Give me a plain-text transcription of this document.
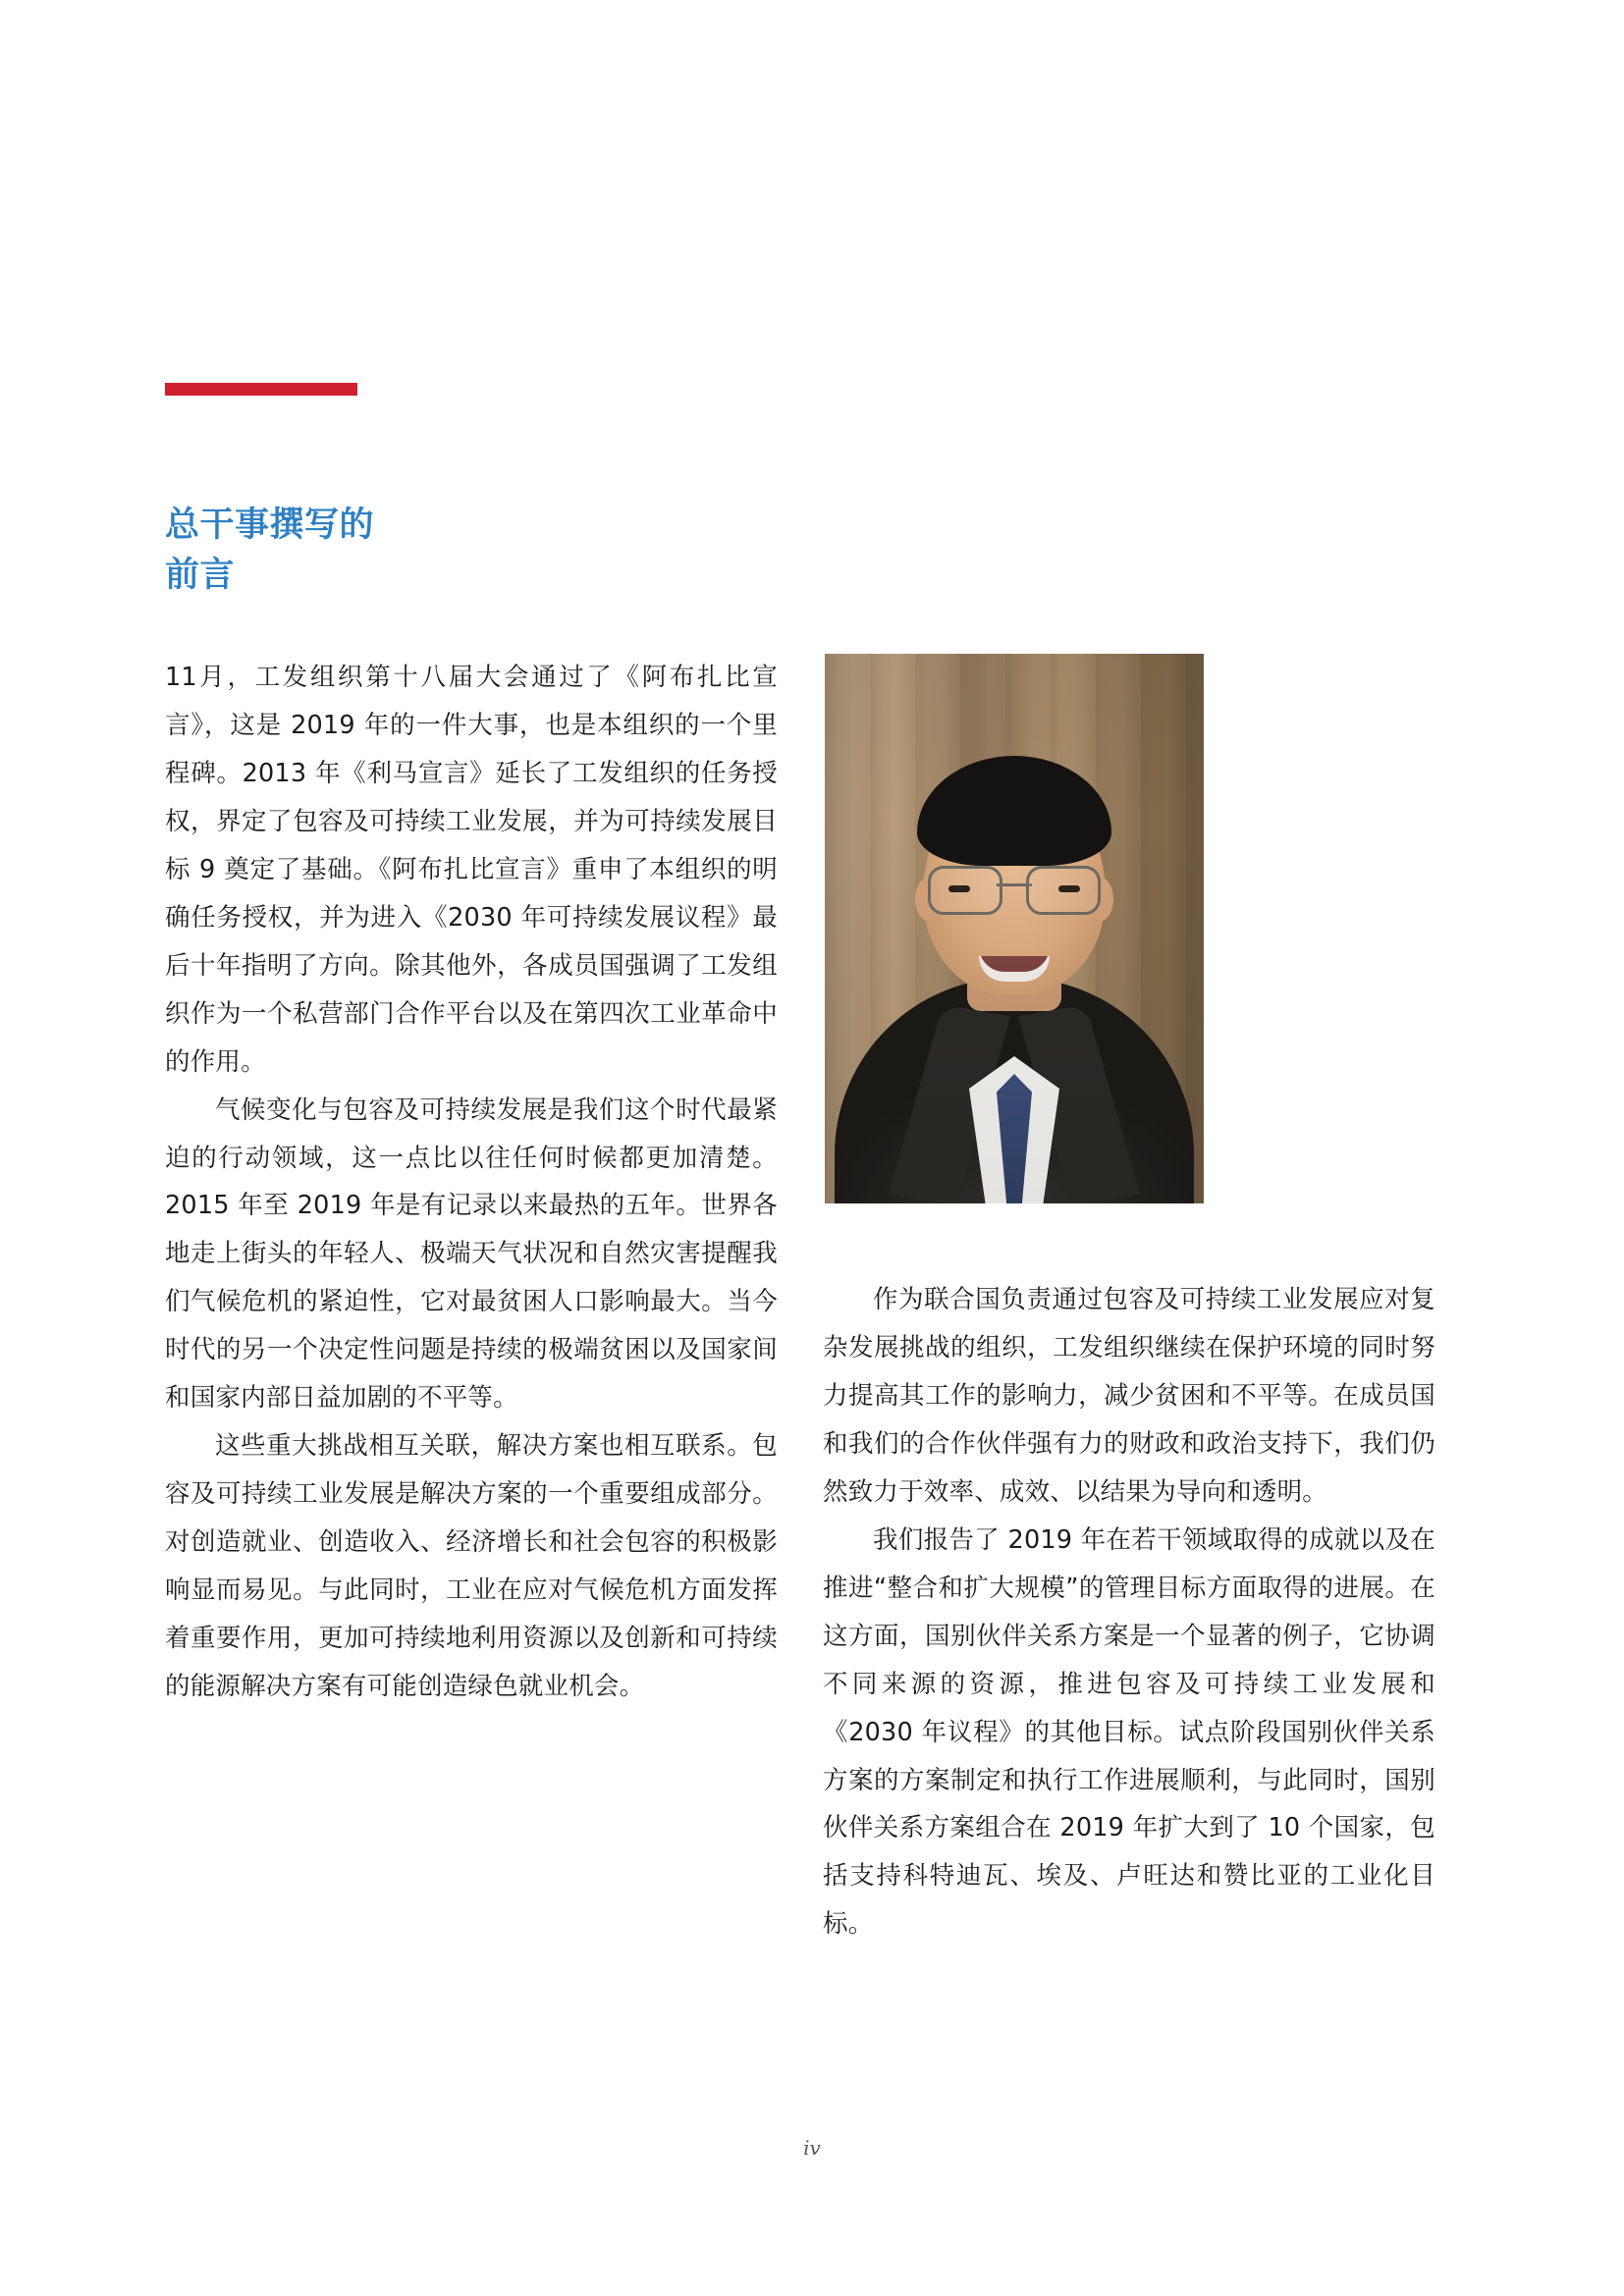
总干事撰写的
前言

11月，工发组织第十八届大会通过了《阿布扎比宣言》，这是 2019 年的一件大事，也是本组织的一个里程碑。2013 年《利马宣言》延长了工发组织的任务授权，界定了包容及可持续工业发展，并为可持续发展目标 9 奠定了基础。《阿布扎比宣言》重申了本组织的明确任务授权，并为进入《2030 年可持续发展议程》最后十年指明了方向。除其他外，各成员国强调了工发组织作为一个私营部门合作平台以及在第四次工业革命中的作用。

气候变化与包容及可持续发展是我们这个时代最紧迫的行动领域，这一点比以往任何时候都更加清楚。2015 年至 2019 年是有记录以来最热的五年。世界各地走上街头的年轻人、极端天气状况和自然灾害提醒我们气候危机的紧迫性，它对最贫困人口影响最大。当今时代的另一个决定性问题是持续的极端贫困以及国家间和国家内部日益加剧的不平等。

这些重大挑战相互关联，解决方案也相互联系。包容及可持续工业发展是解决方案的一个重要组成部分。对创造就业、创造收入、经济增长和社会包容的积极影响显而易见。与此同时，工业在应对气候危机方面发挥着重要作用，更加可持续地利用资源以及创新和可持续的能源解决方案有可能创造绿色就业机会。

作为联合国负责通过包容及可持续工业发展应对复杂发展挑战的组织，工发组织继续在保护环境的同时努力提高其工作的影响力，减少贫困和不平等。在成员国和我们的合作伙伴强有力的财政和政治支持下，我们仍然致力于效率、成效、以结果为导向和透明。

我们报告了 2019 年在若干领域取得的成就以及在推进“整合和扩大规模”的管理目标方面取得的进展。在这方面，国别伙伴关系方案是一个显著的例子，它协调不同来源的资源，推进包容及可持续工业发展和《2030 年议程》的其他目标。试点阶段国别伙伴关系方案的方案制定和执行工作进展顺利，与此同时，国别伙伴关系方案组合在 2019 年扩大到了 10 个国家，包括支持科特迪瓦、埃及、卢旺达和赞比亚的工业化目标。

iv
